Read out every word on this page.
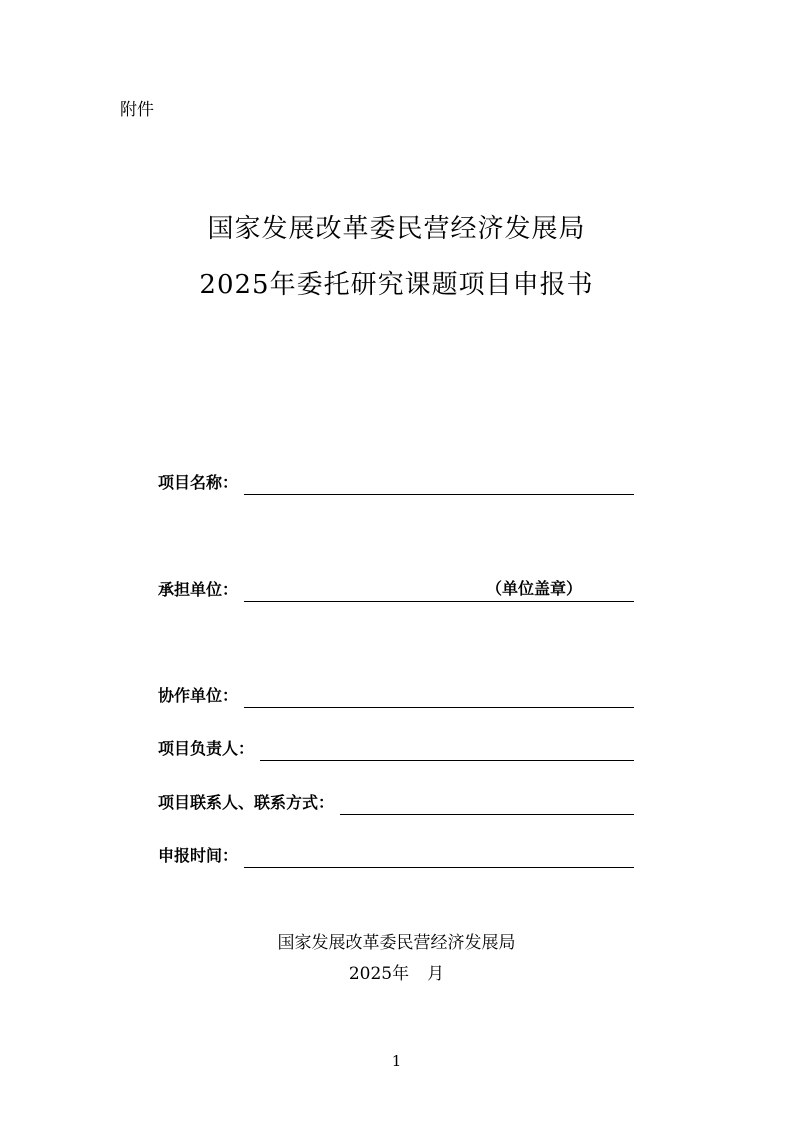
附件
国家发展改革委民营经济发展局
2025年委托研究课题项目申报书
项目名称：
承担单位：	（单位盖章）
协作单位：
项目负责人：
项目联系人、联系方式：
申报时间：
国家发展改革委民营经济发展局
2025年 月
1
